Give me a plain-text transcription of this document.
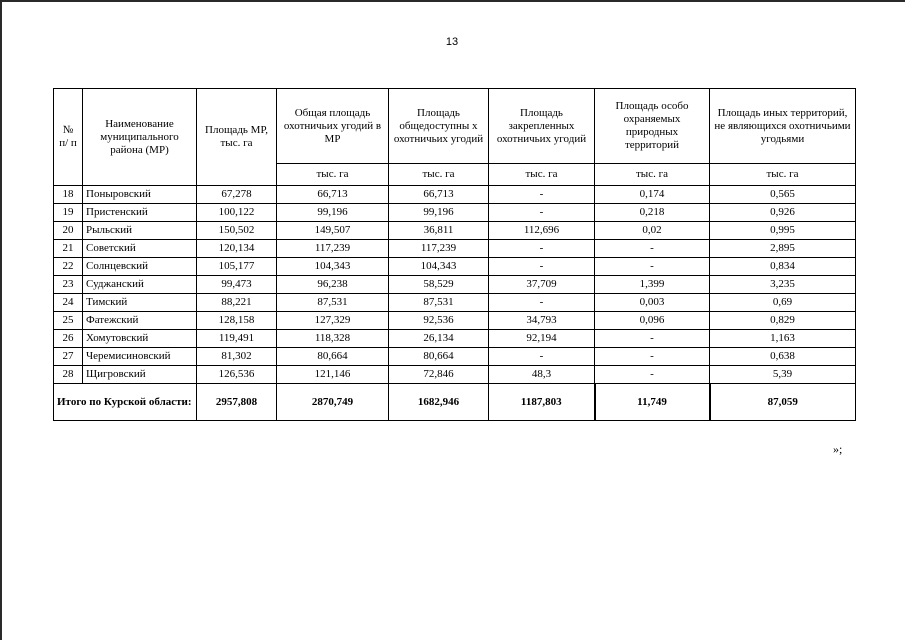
13
№ п/ п	Наименование муниципального района (МР)	Площадь МР, тыс. га	Общая площадь охотничьих угодий в МР	Площадь общедоступны х охотничьих угодий	Площадь закрепленных охотничьих угодий	Площадь особо охраняемых природных территорий	Площадь иных территорий, не являющихся охотничьими угодьями
			тыс. га	тыс. га	тыс. га	тыс. га	тыс. га
18	Поныровский	67,278	66,713	66,713	-	0,174	0,565
19	Пристенский	100,122	99,196	99,196	-	0,218	0,926
20	Рыльский	150,502	149,507	36,811	112,696	0,02	0,995
21	Советский	120,134	117,239	117,239	-	-	2,895
22	Солнцевский	105,177	104,343	104,343	-	-	0,834
23	Суджанский	99,473	96,238	58,529	37,709	1,399	3,235
24	Тимский	88,221	87,531	87,531	-	0,003	0,69
25	Фатежский	128,158	127,329	92,536	34,793	0,096	0,829
26	Хомутовский	119,491	118,328	26,134	92,194	-	1,163
27	Черемисиновский	81,302	80,664	80,664	-	-	0,638
28	Щигровский	126,536	121,146	72,846	48,3	-	5,39
Итого по Курской области:		2957,808	2870,749	1682,946	1187,803	11,749	87,059
»;
